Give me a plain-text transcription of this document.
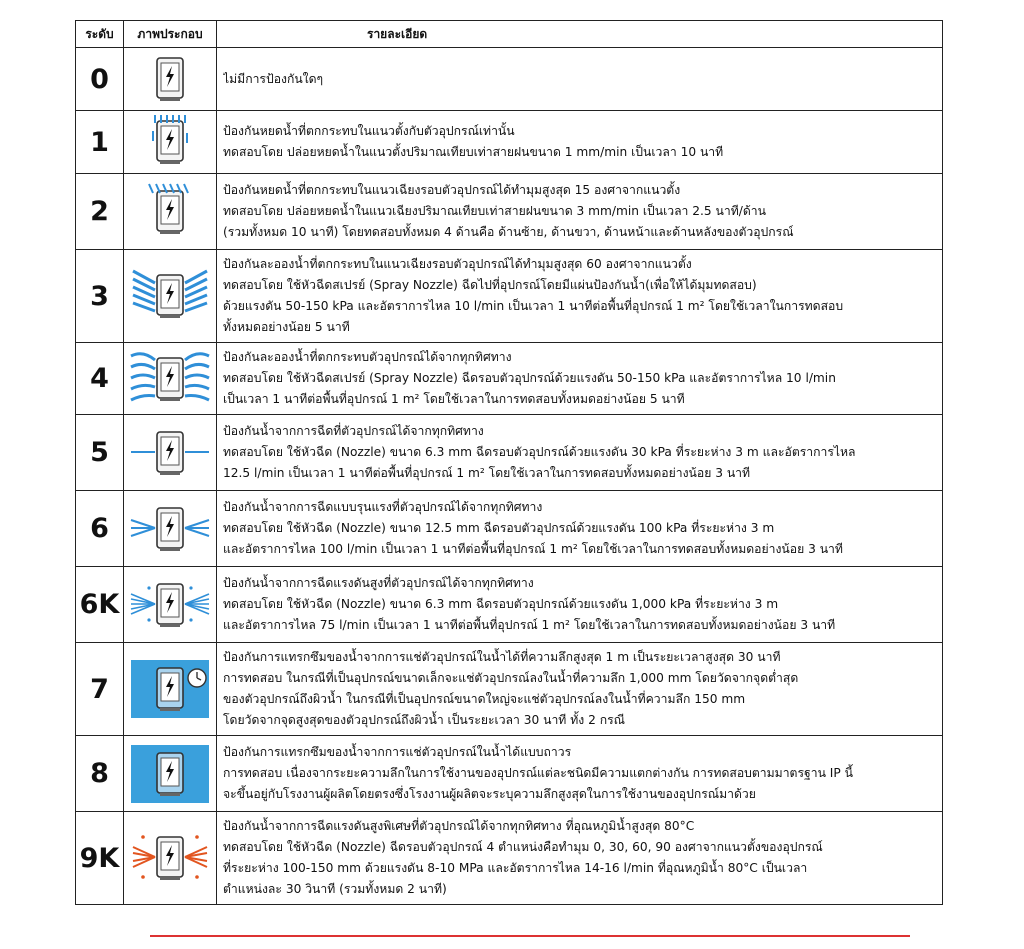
ระดับ	ภาพประกอบ	รายละเอียด
0		ไม่มีการป้องกันใดๆ

1		ป้องกันหยดน้ำที่ตกกระทบในแนวตั้งกับตัวอุปกรณ์เท่านั้น
ทดสอบโดย ปล่อยหยดน้ำในแนวตั้งปริมาณเทียบเท่าสายฝนขนาด 1 mm/min เป็นเวลา 10 นาที

2		ป้องกันหยดน้ำที่ตกกระทบในแนวเฉียงรอบตัวอุปกรณ์ได้ทำมุมสูงสุด 15 องศาจากแนวตั้ง
ทดสอบโดย ปล่อยหยดน้ำในแนวเฉียงปริมาณเทียบเท่าสายฝนขนาด 3 mm/min เป็นเวลา 2.5 นาที/ด้าน
(รวมทั้งหมด 10 นาที) โดยทดสอบทั้งหมด 4 ด้านคือ ด้านซ้าย, ด้านขวา, ด้านหน้าและด้านหลังของตัวอุปกรณ์

3		ป้องกันละอองน้ำที่ตกกระทบในแนวเฉียงรอบตัวอุปกรณ์ได้ทำมุมสูงสุด 60 องศาจากแนวตั้ง
ทดสอบโดย ใช้หัวฉีดสเปรย์ (Spray Nozzle) ฉีดไปที่อุปกรณ์โดยมีแผ่นป้องกันน้ำ(เพื่อให้ได้มุมทดสอบ)
ด้วยแรงดัน 50-150 kPa และอัตราการไหล 10 l/min เป็นเวลา 1 นาทีต่อพื้นที่อุปกรณ์ 1 m² โดยใช้เวลาในการทดสอบ
ทั้งหมดอย่างน้อย 5 นาที

4		ป้องกันละอองน้ำที่ตกกระทบตัวอุปกรณ์ได้จากทุกทิศทาง
ทดสอบโดย ใช้หัวฉีดสเปรย์ (Spray Nozzle) ฉีดรอบตัวอุปกรณ์ด้วยแรงดัน 50-150 kPa และอัตราการไหล 10 l/min
เป็นเวลา 1 นาทีต่อพื้นที่อุปกรณ์ 1 m² โดยใช้เวลาในการทดสอบทั้งหมดอย่างน้อย 5 นาที

5		ป้องกันน้ำจากการฉีดที่ตัวอุปกรณ์ได้จากทุกทิศทาง
ทดสอบโดย ใช้หัวฉีด (Nozzle) ขนาด 6.3 mm ฉีดรอบตัวอุปกรณ์ด้วยแรงดัน 30 kPa ที่ระยะห่าง 3 m และอัตราการไหล
12.5 l/min เป็นเวลา 1 นาทีต่อพื้นที่อุปกรณ์ 1 m² โดยใช้เวลาในการทดสอบทั้งหมดอย่างน้อย 3 นาที

6		ป้องกันน้ำจากการฉีดแบบรุนแรงที่ตัวอุปกรณ์ได้จากทุกทิศทาง
ทดสอบโดย ใช้หัวฉีด (Nozzle) ขนาด 12.5 mm ฉีดรอบตัวอุปกรณ์ด้วยแรงดัน 100 kPa ที่ระยะห่าง 3 m
และอัตราการไหล 100 l/min เป็นเวลา 1 นาทีต่อพื้นที่อุปกรณ์ 1 m² โดยใช้เวลาในการทดสอบทั้งหมดอย่างน้อย 3 นาที

6K		ป้องกันน้ำจากการฉีดแรงดันสูงที่ตัวอุปกรณ์ได้จากทุกทิศทาง
ทดสอบโดย ใช้หัวฉีด (Nozzle) ขนาด 6.3 mm ฉีดรอบตัวอุปกรณ์ด้วยแรงดัน 1,000 kPa ที่ระยะห่าง 3 m
และอัตราการไหล 75 l/min เป็นเวลา 1 นาทีต่อพื้นที่อุปกรณ์ 1 m² โดยใช้เวลาในการทดสอบทั้งหมดอย่างน้อย 3 นาที

7		ป้องกันการแทรกซึมของน้ำจากการแช่ตัวอุปกรณ์ในน้ำได้ที่ความลึกสูงสุด 1 m เป็นระยะเวลาสูงสุด 30 นาที
การทดสอบ ในกรณีที่เป็นอุปกรณ์ขนาดเล็กจะแช่ตัวอุปกรณ์ลงในน้ำที่ความลึก 1,000 mm โดยวัดจากจุดต่ำสุด
ของตัวอุปกรณ์ถึงผิวน้ำ ในกรณีที่เป็นอุปกรณ์ขนาดใหญ่จะแช่ตัวอุปกรณ์ลงในน้ำที่ความลึก 150 mm
โดยวัดจากจุดสูงสุดของตัวอุปกรณ์ถึงผิวน้ำ เป็นระยะเวลา 30 นาที ทั้ง 2 กรณี

8		ป้องกันการแทรกซึมของน้ำจากการแช่ตัวอุปกรณ์ในน้ำได้แบบถาวร
การทดสอบ เนื่องจากระยะความลึกในการใช้งานของอุปกรณ์แต่ละชนิดมีความแตกต่างกัน การทดสอบตามมาตรฐาน IP นี้
จะขึ้นอยู่กับโรงงานผู้ผลิตโดยตรงซึ่งโรงงานผู้ผลิตจะระบุความลึกสูงสุดในการใช้งานของอุปกรณ์มาด้วย

9K		ป้องกันน้ำจากการฉีดแรงดันสูงพิเศษที่ตัวอุปกรณ์ได้จากทุกทิศทาง ที่อุณหภูมิน้ำสูงสุด 80°C
ทดสอบโดย ใช้หัวฉีด (Nozzle) ฉีดรอบตัวอุปกรณ์ 4 ตำแหน่งคือทำมุม 0, 30, 60, 90 องศาจากแนวตั้งของอุปกรณ์
ที่ระยะห่าง 100-150 mm ด้วยแรงดัน 8-10 MPa และอัตราการไหล 14-16 l/min ที่อุณหภูมิน้ำ 80°C เป็นเวลา
ตำแหน่งละ 30 วินาที (รวมทั้งหมด 2 นาที)
